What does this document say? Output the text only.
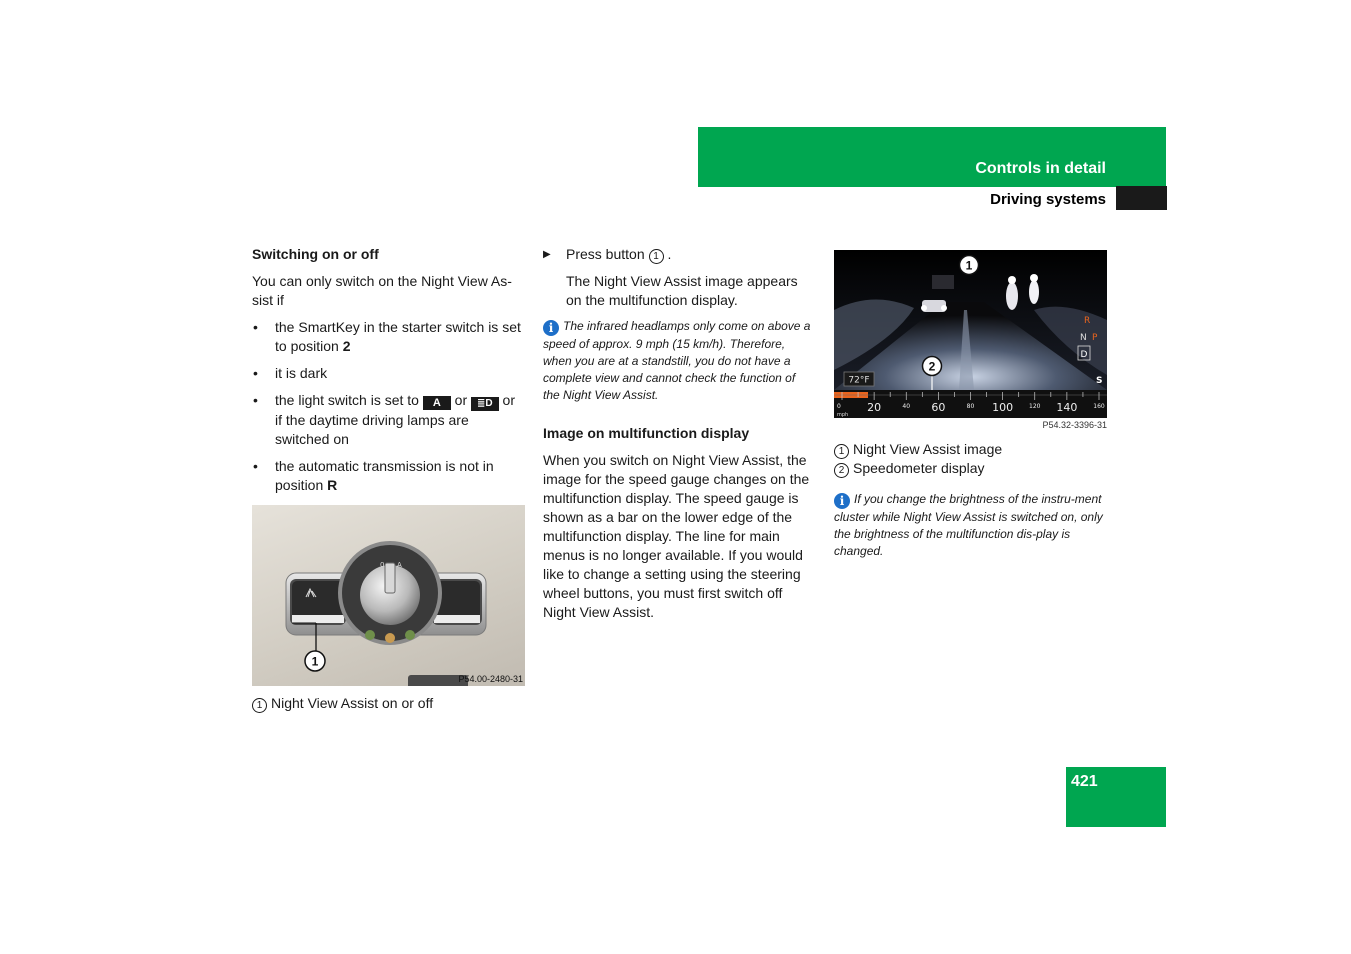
Controls in detail
Driving systems
Switching on or off

You can only switch on the Night View As-sist if

• the SmartKey in the starter switch is set to position 2
• it is dark
• the light switch is set to A or ≣D or if the daytime driving lamps are switched on
• the automatic transmission is not in position R
0 A
1
P54.00-2480-31
1 Night View Assist on or off
▶ Press button 1 .

The Night View Assist image appears on the multifunction display.

i The infrared headlamps only come on above a speed of approx. 9 mph (15 km/h). Therefore, when you are at a standstill, you do not have a complete view and cannot check the function of the Night View Assist.
Image on multifunction display

When you switch on Night View Assist, the image for the speed gauge changes on the multifunction display. The speed gauge is shown as a bar on the lower edge of the multifunction display. The line for main menus is no longer available. If you would like to change a setting using the steering wheel buttons, you must first switch off Night View Assist.

1
2
72°F
R
N P
D
S
0 20	40 60	80 100	120 140	160
mph
P54.32-3396-31
1 Night View Assist image
2 Speedometer display
i If you change the brightness of the instru-ment cluster while Night View Assist is switched on, only the brightness of the multifunction dis-play is changed.
421
